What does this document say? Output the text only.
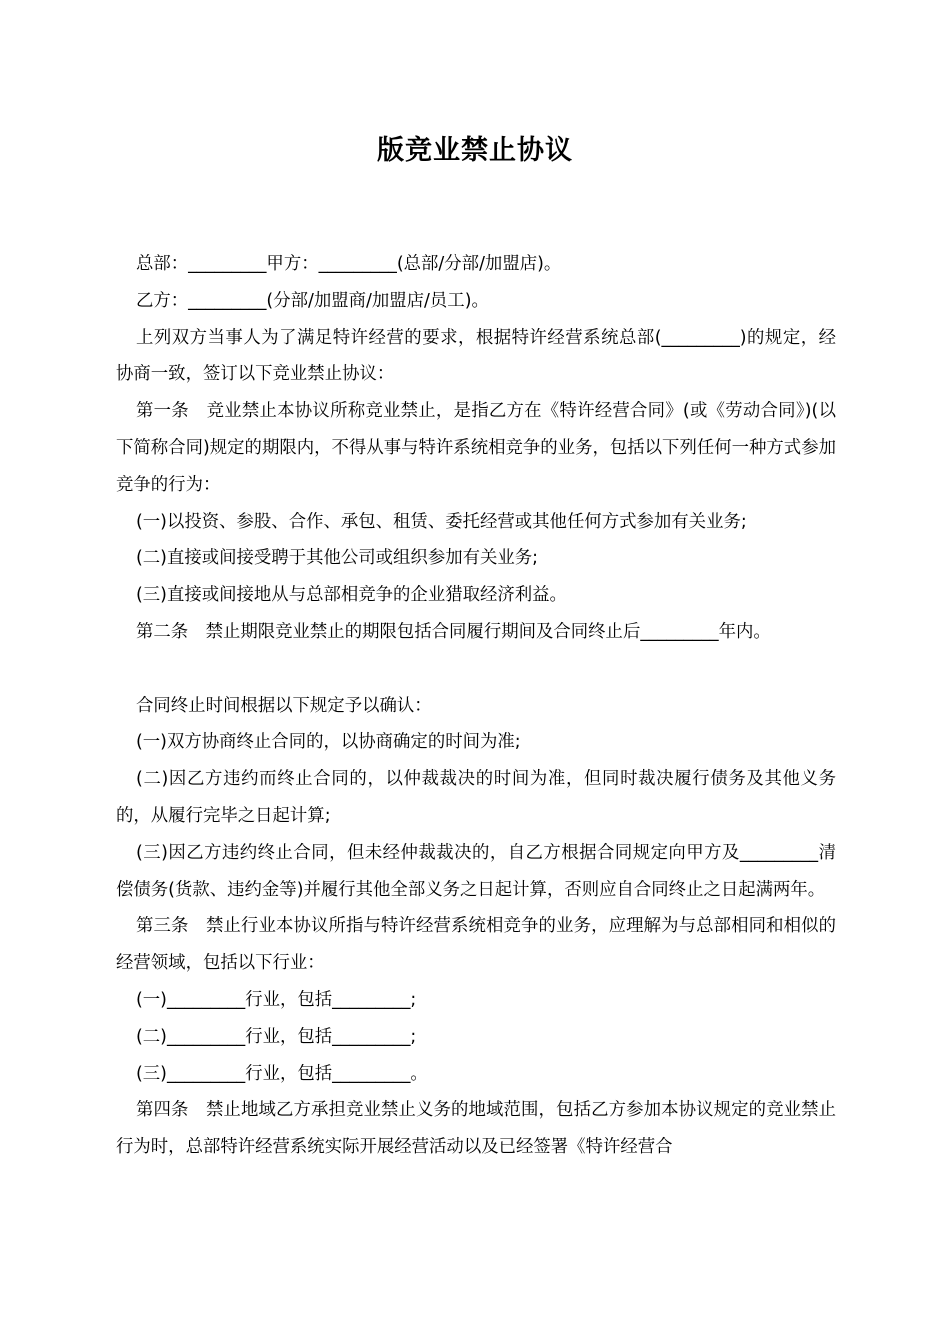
版竞业禁止协议

总部：_________甲方：_________(总部/分部/加盟店)。

乙方：_________(分部/加盟商/加盟店/员工)。

上列双方当事人为了满足特许经营的要求，根据特许经营系统总部(_________)的规定，经协商一致，签订以下竞业禁止协议：

第一条　竞业禁止本协议所称竞业禁止，是指乙方在《特许经营合同》(或《劳动合同》)(以下简称合同)规定的期限内，不得从事与特许系统相竞争的业务，包括以下列任何一种方式参加竞争的行为：

(一)以投资、参股、合作、承包、租赁、委托经营或其他任何方式参加有关业务;

(二)直接或间接受聘于其他公司或组织参加有关业务;

(三)直接或间接地从与总部相竞争的企业猎取经济利益。

第二条　禁止期限竞业禁止的期限包括合同履行期间及合同终止后_________年内。

合同终止时间根据以下规定予以确认：

(一)双方协商终止合同的，以协商确定的时间为准;

(二)因乙方违约而终止合同的，以仲裁裁决的时间为准，但同时裁决履行债务及其他义务的，从履行完毕之日起计算;

(三)因乙方违约终止合同，但未经仲裁裁决的，自乙方根据合同规定向甲方及_________清偿债务(货款、违约金等)并履行其他全部义务之日起计算，否则应自合同终止之日起满两年。

第三条　禁止行业本协议所指与特许经营系统相竞争的业务，应理解为与总部相同和相似的经营领域，包括以下行业：

(一)_________行业，包括_________;

(二)_________行业，包括_________;

(三)_________行业，包括_________。

第四条　禁止地域乙方承担竞业禁止义务的地域范围，包括乙方参加本协议规定的竞业禁止行为时，总部特许经营系统实际开展经营活动以及已经签署《特许经营合
